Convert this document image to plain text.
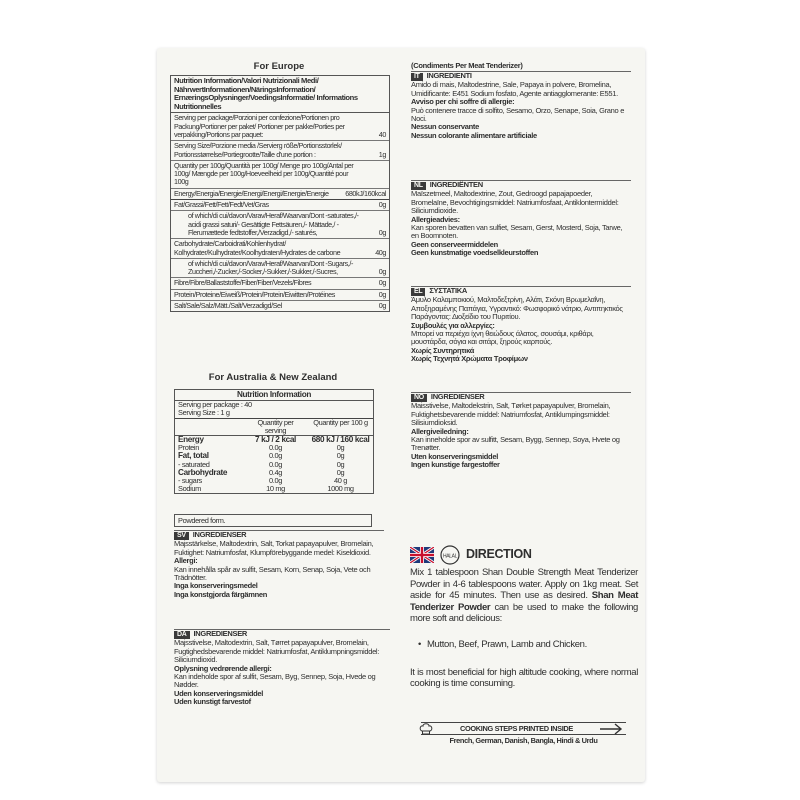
For Europe
Nutrition Information/Valori Nutrizionali Medi/ NährwertInformationen/NäringsInformation/ ErnæringsOplysninger/VoedingsInformatie/ Informations Nutritionnelles
Serving per package/Porzioni per confezione/Portionen pro Packung/Portioner per paket/ Portioner per pakke/Porties per verpakking/Portions par paquet:	40
Serving Size/Porzione media /Servierg röße/Portionsstorlek/ Portionsstørrelse/Portiegrootte/Taille d'une portion :	1g
Quantity per 100g/Quantità per 100g/ Menge pro 100g/Antal per 100g/ Mængde per 100g/Hoeveelheid per 100g/Quantité pour 100g
Energy/Energia/Energie/Energi/Energi/Energie/Energie	680kJ/160kcal
Fat/Grassi/Fett/Fett/Fedt/Vet/Gras	0g
of which/di cui/davon/Varav/Heraf/Waarvan/Dont -saturates,/- acidi grassi saturi/- Gesättigte Fettsäuren,/- Mättade,/ -Flerumættede fedtstoffer,/Verzadigd,/- saturés,	0g
Carbohydrate/Carboidrati/Kohlenhydrat/ Kolhydrater/Kulhydrater/Koolhydraten/Hydrates de carbone	40g
of which/di cui/davon/Varav/Heraf/Waarvan/Dont -Sugars,/-Zuccheri,/-Zucker,/-Socker,/-Sukker,/-Sukker,/-Sucres,	0g
Fibre/Fibre/Ballaststoffe/Fiber/Fiber/Vezels/Fibres	0g
Protein/Proteine/Eiweiß/Protein/Protein/Eiwitten/Protéines	0g
Salt/Sale/Salz/Mätt./Salt/Verzadigd/Sel	0g
For Australia & New Zealand
Nutrition Information
Serving per package : 40
Serving Size : 1 g
Quantity per serving
Quantity per 100 g
Energy	7 kJ / 2 kcal	680 kJ / 160 kcal
Protein	0.0g	0g
Fat, total	0.0g	0g
- saturated	0.0g	0g
Carbohydrate	0.4g	0g
- sugars	0.0g	40 g
Sodium	10 mg	1000 mg
Powdered form.
SV INGREDIENSER
Majsstärkelse, Maltodextrin, Salt, Torkat papayapulver, Bromelain, Fuktighet: Natriumfosfat, Klumpförebyggande medel: Kiseldioxid.
Allergi:
Kan innehålla spår av sulfit, Sesam, Korn, Senap, Soja, Vete och Trädnötter.
Inga konserveringsmedel
Inga konstgjorda färgämnen
DA INGREDIENSER
Majsstivelse, Maltodextrin, Salt, Tørret papayapulver, Bromelain, Fugtighedsbevarende middel: Natriumfosfat, Antiklumpningsmiddel: Siliciumdioxid.
Oplysning vedrørende allergi:
Kan indeholde spor af sulfit, Sesam, Byg, Sennep, Soja, Hvede og Nødder.
Uden konserveringsmiddel
Uden kunstigt farvestof
(Condiments Per Meat Tenderizer)
IT INGREDIENTI
Amido di mais, Maltodestrine, Sale, Papaya in polvere, Bromelina, Umidificante: E451 Sodium fosfato, Agente antiagglomerante: E551.
Avviso per chi soffre di allergie:
Può contenere tracce di solfito, Sesamo, Orzo, Senape, Soia, Grano e Noci.
Nessun conservante
Nessun colorante alimentare artificiale
NL INGREDIËNTEN
Maïszetmeel, Maltodextrine, Zout, Gedroogd papajapoeder, Bromelaïne, Bevochtigingsmiddel: Natriumfosfaat, Antiklontermiddel: Siliciumdioxide.
Allergieadvies:
Kan sporen bevatten van sulfiet, Sesam, Gerst, Mosterd, Soja, Tarwe, en Boomnoten.
Geen conserveermiddelen
Geen kunstmatige voedselkleurstoffen
EL ΣΥΣΤΑΤΙΚΑ
Άμυλο Καλαμποκιού, Μαλτοδεξτρίνη, Αλάτι, Σκόνη Βρωμελαΐνη, Αποξηραμένης Παπάγια, Υγραντικό: Φωσφορικό νάτριο, Αντιπηκτικός Παράγοντας: Διοξείδιο του Πυριτίου.
Συμβουλές για αλλεργίες:
Μπορεί να περιέχει ίχνη θειώδους άλατος, σουσάμι, κριθάρι, μουστάρδα, σόγια και σιτάρι, ξηρούς καρπούς.
Χωρίς Συντηρητικά
Χωρίς Τεχνητά Χρώματα Τροφίμων
NO INGREDIENSER
Maisstivelse, Maltodekstrin, Salt, Tørket papayapulver, Bromelain, Fuktighetsbevarende middel: Natriumfosfat, Antiklumpingsmiddel: Silisiumdioksid.
Allergiveiledning:
Kan inneholde spor av sulfitt, Sesam, Bygg, Sennep, Soya, Hvete og Trenøtter.
Uten konserveringsmiddel
Ingen kunstige fargestoffer
HALAL DIRECTION
Mix 1 tablespoon Shan Double Strength Meat Tenderizer Powder in 4-6 tablespoons water. Apply on 1kg meat. Set aside for 45 minutes. Then use as desired. Shan Meat Tenderizer Powder can be used to make the following more soft and delicious:
• Mutton, Beef, Prawn, Lamb and Chicken.
It is most beneficial for high altitude cooking, where normal cooking is time consuming.
COOKING STEPS PRINTED INSIDE
French, German, Danish, Bangla, Hindi & Urdu
